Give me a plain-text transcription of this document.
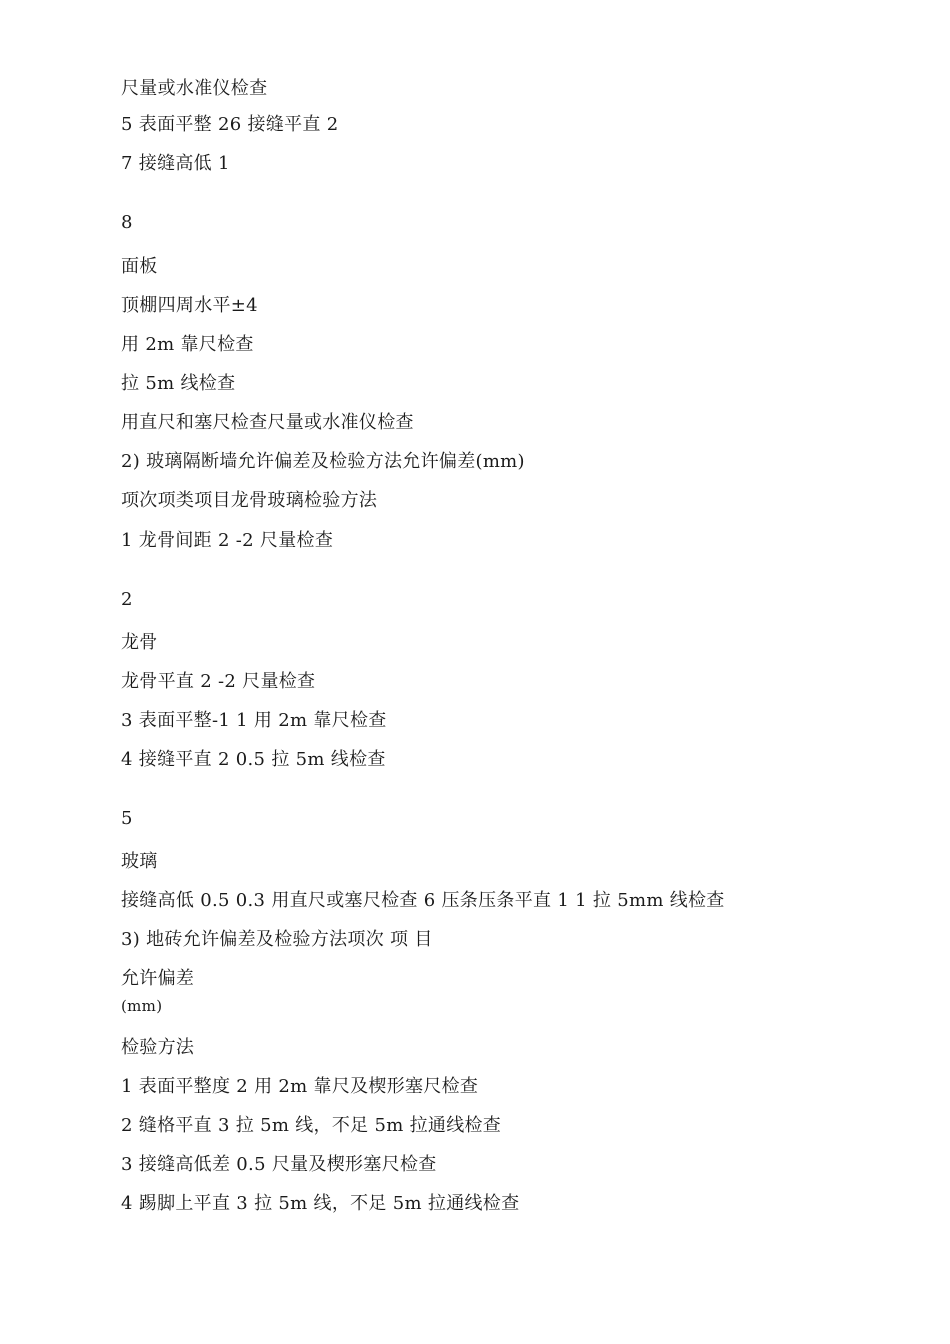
尺量或水准仪检查
5 表面平整 26 接缝平直 2
7 接缝高低 1
8
面板
顶棚四周水平±4
用 2m 靠尺检查
拉 5m 线检查
用直尺和塞尺检查尺量或水准仪检查
2) 玻璃隔断墙允许偏差及检验方法允许偏差(mm)
项次项类项目龙骨玻璃检验方法
1 龙骨间距 2 -2 尺量检查
2
龙骨
龙骨平直 2 -2 尺量检查
3 表面平整-1 1 用 2m 靠尺检查
4 接缝平直 2 0.5 拉 5m 线检查
5
玻璃
接缝高低 0.5 0.3 用直尺或塞尺检查 6 压条压条平直 1 1 拉 5mm 线检查
3) 地砖允许偏差及检验方法项次 项 目
允许偏差
(mm)
检验方法
1 表面平整度 2 用 2m 靠尺及楔形塞尺检查
2 缝格平直 3 拉 5m 线，不足 5m 拉通线检查
3 接缝高低差 0.5 尺量及楔形塞尺检查
4 踢脚上平直 3 拉 5m 线，不足 5m 拉通线检查
